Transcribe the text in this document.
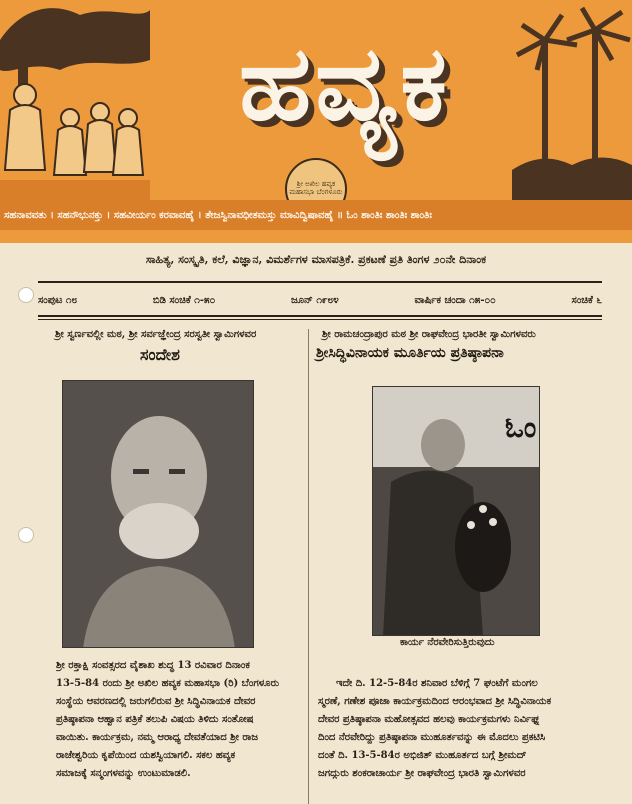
ಹವ್ಯಕ
ಶ್ರೀ ಅಖಿಲ ಹವ್ಯಕ ಮಹಾಸಭಾ ಬೆಂಗಳೂರು
ಸಹನಾವವತು । ಸಹನೌಭುನಕ್ತು । ಸಹವೀರ್ಯಂ ಕರವಾವಹೈ । ತೇಜಸ್ವಿನಾವಧೀತಮಸ್ತು ಮಾವಿದ್ವಿಷಾವಹೈ ॥ ಓಂ ಶಾಂತಿಃ ಶಾಂತಿಃ ಶಾಂತಿಃ
ಸಾಹಿತ್ಯ, ಸಂಸ್ಕೃತಿ, ಕಲೆ, ವಿಜ್ಞಾನ, ವಿಮರ್ಶೆಗಳ ಮಾಸಪತ್ರಿಕೆ. ಪ್ರಕಟಣೆ ಪ್ರತಿ ತಿಂಗಳ ೨೦ನೇ ದಿನಾಂಕ
ಸಂಪುಟ ೧೮	ಬಿಡಿ ಸಂಚಿಕೆ ೧-೫೦	ಜೂನ್ ೧೯೮೪	ವಾರ್ಷಿಕ ಚಂದಾ ೧೫-೦೦	ಸಂಚಿಕೆ ೬
ಶ್ರೀ ಸ್ವರ್ಣವಲ್ಲೀ ಮಠ, ಶ್ರೀ ಸರ್ವಜ್ಞೇಂದ್ರ ಸರಸ್ವತೀ ಸ್ವಾಮಿಗಳವರ
ಸಂದೇಶ

ಶ್ರೀ ರಕ್ತಾಕ್ಷಿ ಸಂವತ್ಸರದ ವೈಶಾಖ ಶುದ್ಧ 13 ರವಿವಾರ ದಿನಾಂಕ

13-5-84 ರಂದು ಶ್ರೀ ಅಖಿಲ ಹವ್ಯಕ ಮಹಾಸಭಾ (ರಿ) ಬೆಂಗಳೂರು

ಸಂಸ್ಥೆಯ ಆವರಣದಲ್ಲಿ ಜರುಗಲಿರುವ ಶ್ರೀ ಸಿದ್ಧಿವಿನಾಯಕ ದೇವರ

ಪ್ರತಿಷ್ಠಾಪನಾ ಆಹ್ವಾನ ಪತ್ರಿಕೆ ತಲುಪಿ ವಿಷಯ ತಿಳಿದು ಸಂತೋಷ

ವಾಯಿತು. ಕಾರ್ಯಕ್ರಮ, ನಮ್ಮ ಆರಾಧ್ಯ ದೇವತೆಯಾದ ಶ್ರೀ ರಾಜ

ರಾಜೇಶ್ವರಿಯ ಕೃಪೆಯಿಂದ ಯಶಸ್ವಿಯಾಗಲಿ. ಸಕಲ ಹವ್ಯಕ

ಸಮಾಜಕ್ಕೆ ಸನ್ಮಂಗಳವನ್ನು ಉಂಟುಮಾಡಲಿ.

ಶ್ರೀ ರಾಮಚಂದ್ರಾಪುರ ಮಠ ಶ್ರೀ ರಾಘವೇಂದ್ರ ಭಾರತೀ ಸ್ವಾಮಿಗಳವರು
ಶ್ರೀಸಿದ್ಧಿವಿನಾಯಕ ಮೂರ್ತಿಯ ಪ್ರತಿಷ್ಠಾಪನಾ
ಓಂ
ಕಾರ್ಯ ನೆರವೇರಿಸುತ್ತಿರುವುದು

ಇದೇ ದಿ. 12-5-84ರ ಶನಿವಾರ ಬೆಳಿಗ್ಗೆ 7 ಘಂಟೆಗೆ ಮಂಗಲ

ಸ್ಮರಣೆ, ಗಣೇಶ ಪೂಜಾ ಕಾರ್ಯಕ್ರಮದಿಂದ ಆರಂಭವಾದ ಶ್ರೀ ಸಿದ್ಧಿವಿನಾಯಕ

ದೇವರ ಪ್ರತಿಷ್ಠಾಪನಾ ಮಹೋತ್ಸವದ ಹಲವು ಕಾರ್ಯಕ್ರಮಗಳು ನಿರ್ವಿಘ್ನ

ದಿಂದ ನೆರವೇರಿದ್ದು ಪ್ರತಿಷ್ಠಾಪನಾ ಮುಹೂರ್ತವನ್ನು ಈ ಮೊದಲು ಪ್ರಕಟಿಸಿ

ದಂತೆ ದಿ. 13-5-84ರ ಅಭಿಜಿತ್ ಮುಹೂರ್ತದ ಬಗ್ಗೆ ಶ್ರೀಮದ್

ಜಗದ್ಗುರು ಶಂಕರಾಚಾರ್ಯ ಶ್ರೀ ರಾಘವೇಂದ್ರ ಭಾರತಿ ಸ್ವಾಮಿಗಳವರ
